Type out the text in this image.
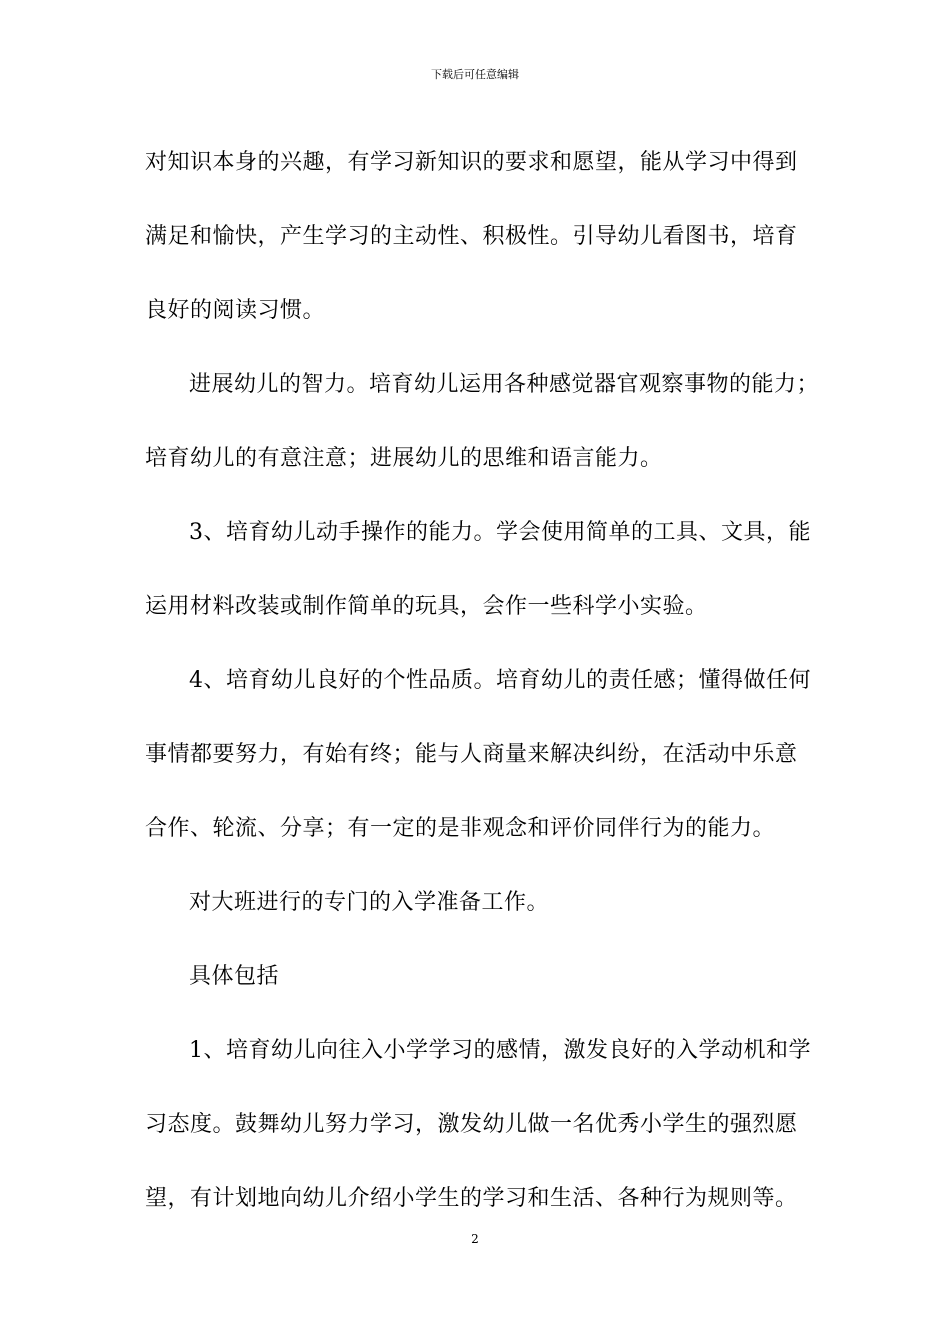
下载后可任意编辑
对知识本身的兴趣，有学习新知识的要求和愿望，能从学习中得到
满足和愉快，产生学习的主动性、积极性。引导幼儿看图书，培育
良好的阅读习惯。
进展幼儿的智力。培育幼儿运用各种感觉器官观察事物的能力；
培育幼儿的有意注意；进展幼儿的思维和语言能力。
3、培育幼儿动手操作的能力。学会使用简单的工具、文具，能
运用材料改装或制作简单的玩具，会作一些科学小实验。
4、培育幼儿良好的个性品质。培育幼儿的责任感；懂得做任何
事情都要努力，有始有终；能与人商量来解决纠纷，在活动中乐意
合作、轮流、分享；有一定的是非观念和评价同伴行为的能力。
对大班进行的专门的入学准备工作。
具体包括
1、培育幼儿向往入小学学习的感情，激发良好的入学动机和学
习态度。鼓舞幼儿努力学习，激发幼儿做一名优秀小学生的强烈愿
望，有计划地向幼儿介绍小学生的学习和生活、各种行为规则等。
2
